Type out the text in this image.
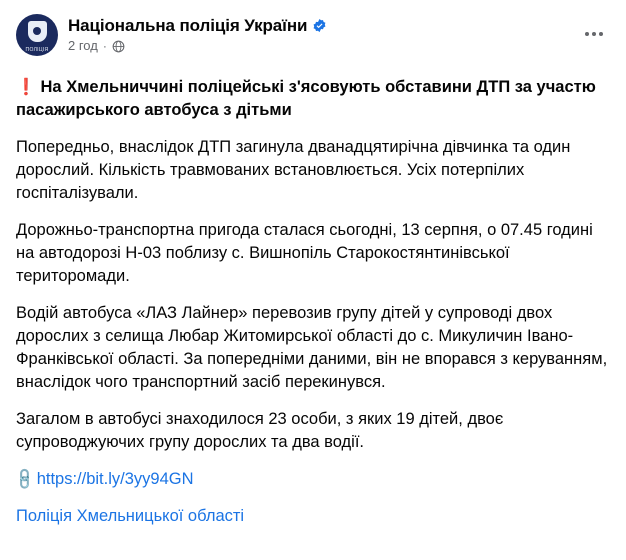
ПОЛІЦІЯ
Національна поліція України
2 год ·

❗ На Хмельниччині поліцейські з'ясовують обставини ДТП за участю пасажирського автобуса з дітьми

Попередньо, внаслідок ДТП загинула дванадцятирічна дівчинка та один дорослий. Кількість травмованих встановлюється. Усіх потерпілих госпіталізували.

Дорожньо-транспортна пригода сталася сьогодні, 13 серпня, о 07.45 годині на автодорозі Н-03 поблизу с. Вишнопіль Старокостянтинівської територомади.

Водій автобуса «ЛАЗ Лайнер» перевозив групу дітей у супроводі двох дорослих з селища Любар Житомирської області до с. Микуличин Івано-Франківської області. За попередніми даними, він не впорався з керуванням, внаслідок чого транспортний засіб перекинувся.

Загалом в автобусі знаходилося 23 особи, з яких 19 дітей, двоє супроводжуючих групу дорослих та два водії.

🔗
https://bit.ly/3yy94GN

Поліція Хмельницької області
